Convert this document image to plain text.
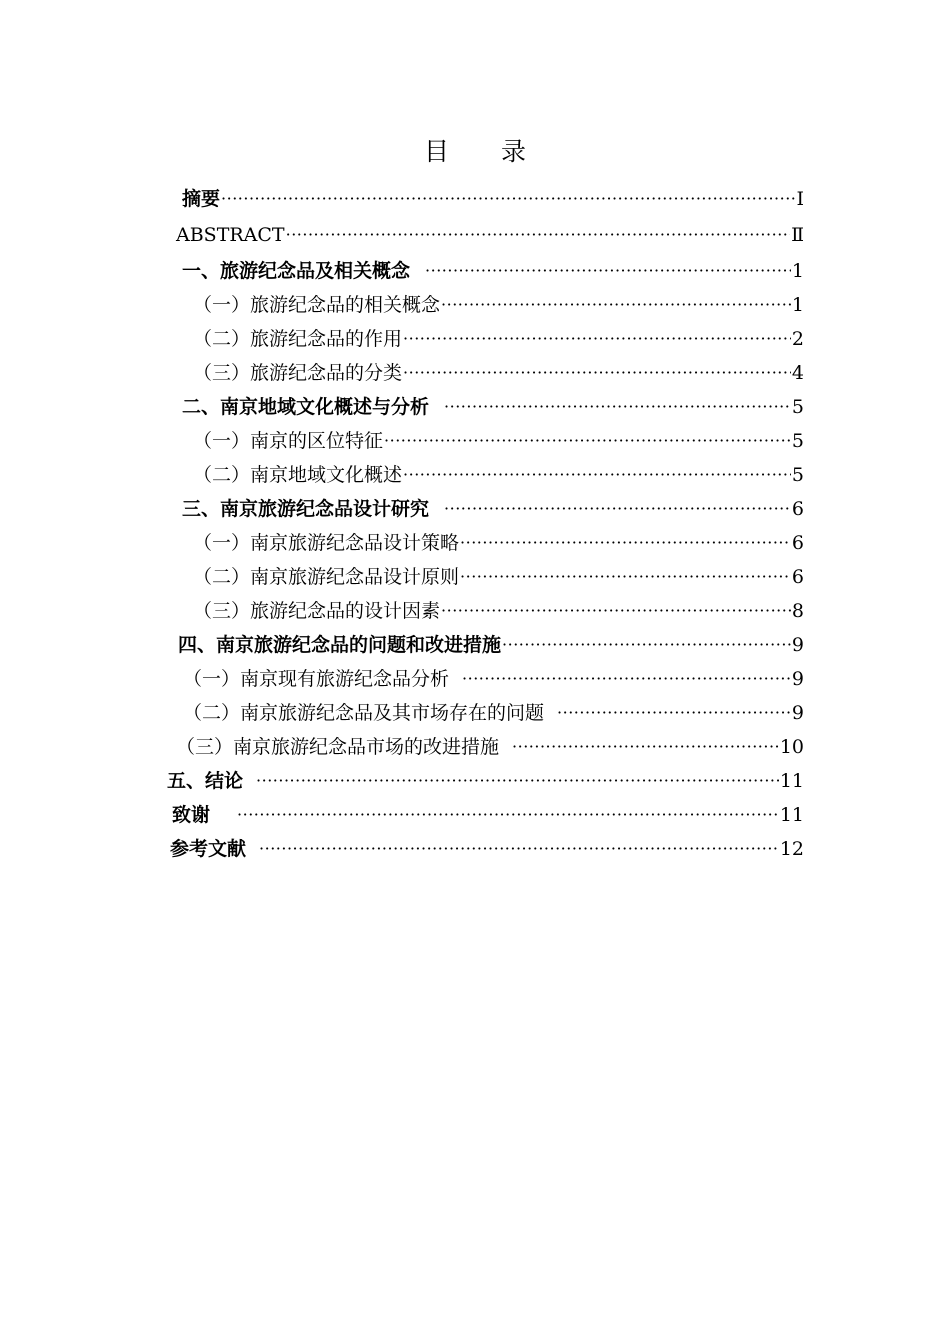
目 录
摘要 ·····	Ⅰ
ABSTRACT ·····	Ⅱ
一、旅游纪念品及相关概念 ·····	1
（一）旅游纪念品的相关概念 ·····	1
（二）旅游纪念品的作用 ·····	2
（三）旅游纪念品的分类 ·····	4
二、南京地域文化概述与分析 ·····	5
（一）南京的区位特征 ·····	5
（二）南京地域文化概述 ·····	5
三、南京旅游纪念品设计研究 ·····	6
（一）南京旅游纪念品设计策略 ·····	6
（二）南京旅游纪念品设计原则 ·····	6
（三）旅游纪念品的设计因素 ·····	8
四、南京旅游纪念品的问题和改进措施 ·····	9
（一）南京现有旅游纪念品分析 ·····	9
（二）南京旅游纪念品及其市场存在的问题 ·····	9
（三）南京旅游纪念品市场的改进措施 ·····	10
五、结论 ·····	11
致谢 ·····	11
参考文献 ·····	12
